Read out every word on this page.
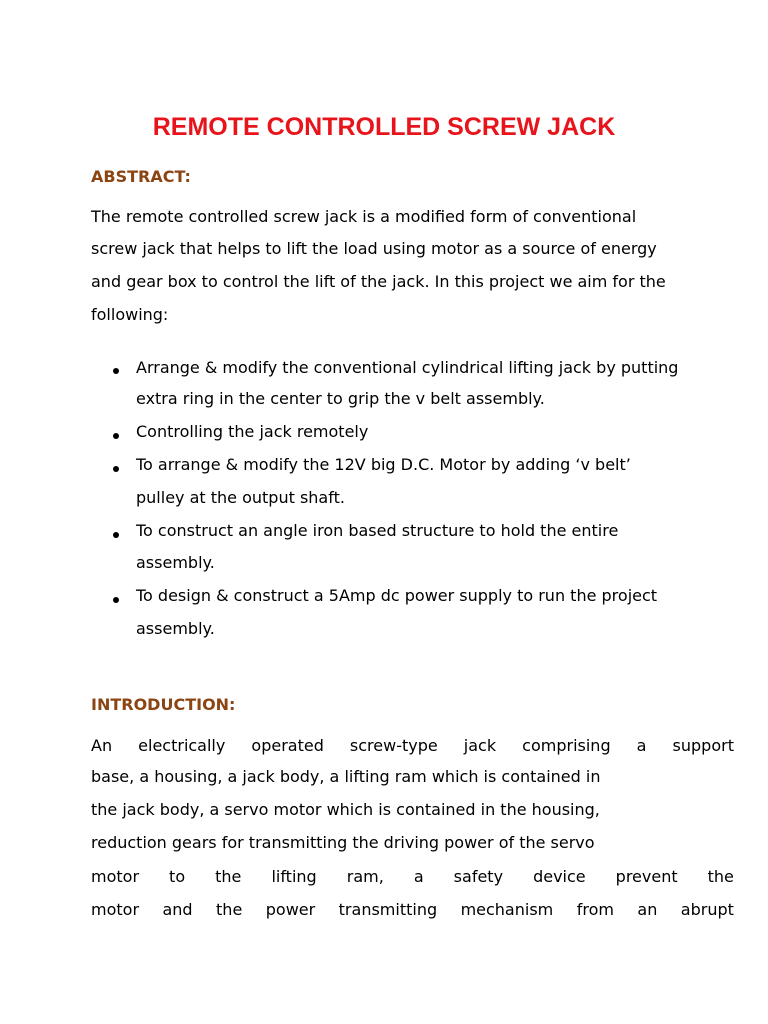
REMOTE CONTROLLED SCREW JACK
ABSTRACT:
The remote controlled screw jack is a modified form of conventional
screw jack that helps to lift the load using motor as a source of energy
and gear box to control the lift of the jack. In this project we aim for the
following:
Arrange & modify the conventional cylindrical lifting jack by putting
extra ring in the center to grip the v belt assembly.
Controlling the jack remotely
To arrange & modify the 12V big D.C. Motor by adding ‘v belt’
pulley at the output shaft.
To construct an angle iron based structure to hold the entire
assembly.
To design & construct a 5Amp dc power supply to run the project
assembly.
INTRODUCTION:
An electrically operated screw-type jack comprising a support
base, a housing, a jack body, a lifting ram which is contained in
the jack body, a servo motor which is contained in the housing,
reduction gears for transmitting the driving power of the servo
motor to the lifting ram, a safety device prevent the
motor and the power transmitting mechanism from an abrupt
